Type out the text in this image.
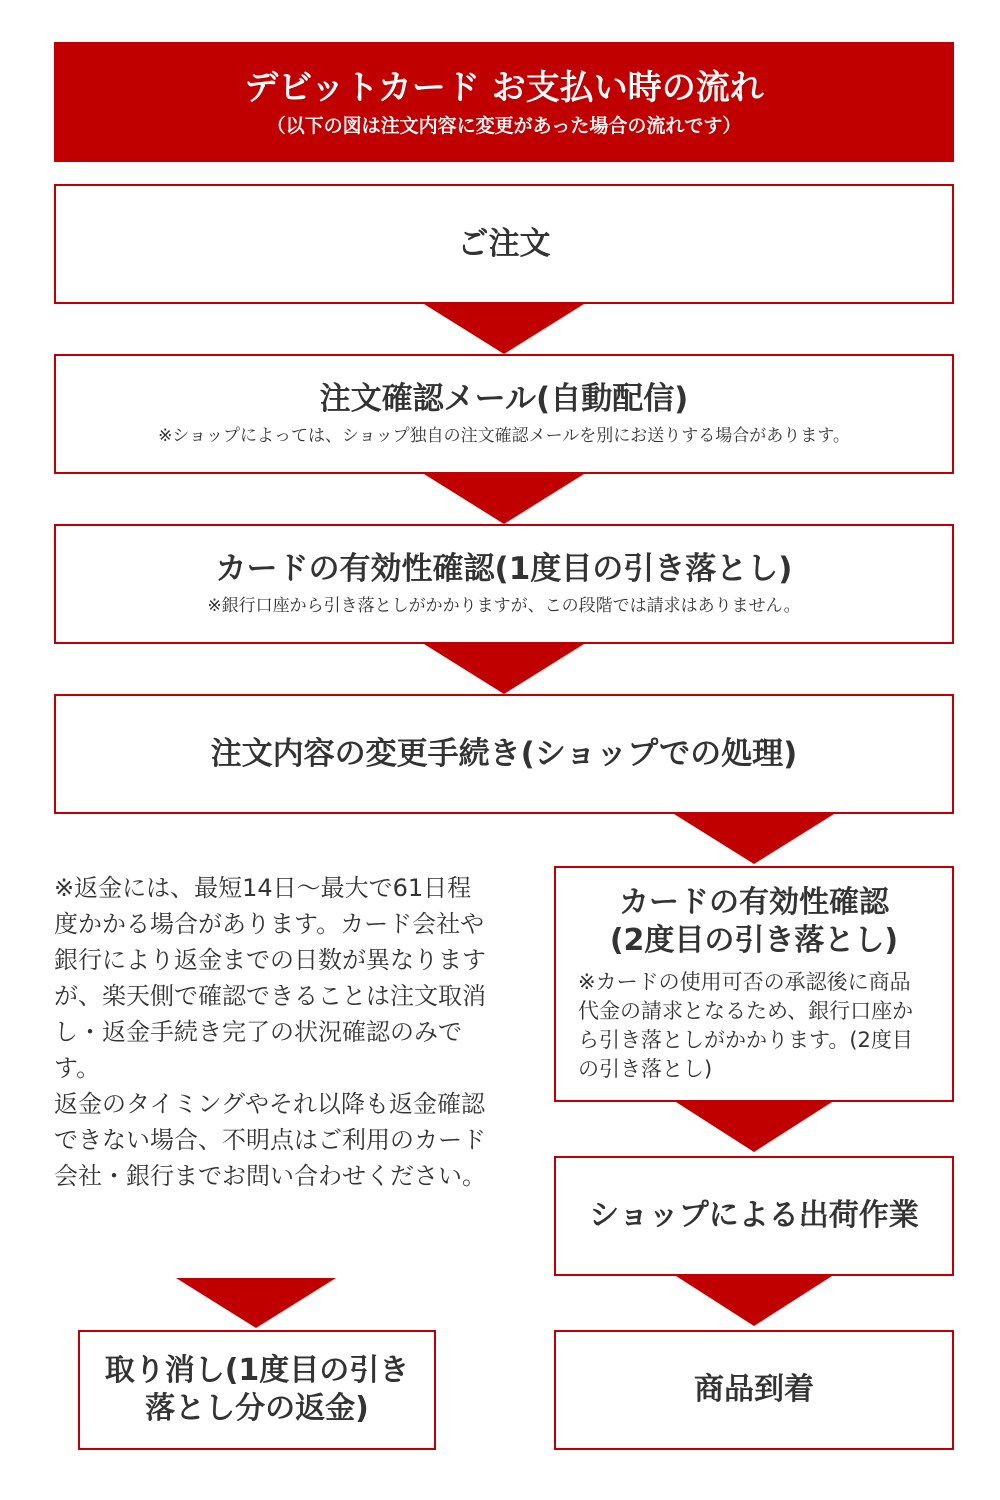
デビットカード お支払い時の流れ
（以下の図は注文内容に変更があった場合の流れです）
ご注文
注文確認メール(自動配信)
※ショップによっては、ショップ独自の注文確認メールを別にお送りする場合があります。
カードの有効性確認(1度目の引き落とし)
※銀行口座から引き落としがかかりますが、この段階では請求はありません。
注文内容の変更手続き(ショップでの処理)
カードの有効性確認
(2度目の引き落とし)
※カードの使用可否の承認後に商品代金の請求となるため、銀行口座から引き落としがかかります。(2度目の引き落とし)
ショップによる出荷作業
商品到着

※返金には、最短14日〜最大で61日程度かかる場合があります。カード会社や銀行により返金までの日数が異なりますが、楽天側で確認できることは注文取消し・返金手続き完了の状況確認のみです。

返金のタイミングやそれ以降も返金確認できない場合、不明点はご利用のカード会社・銀行までお問い合わせください。

取り消し(1度目の引き落とし分の返金)
